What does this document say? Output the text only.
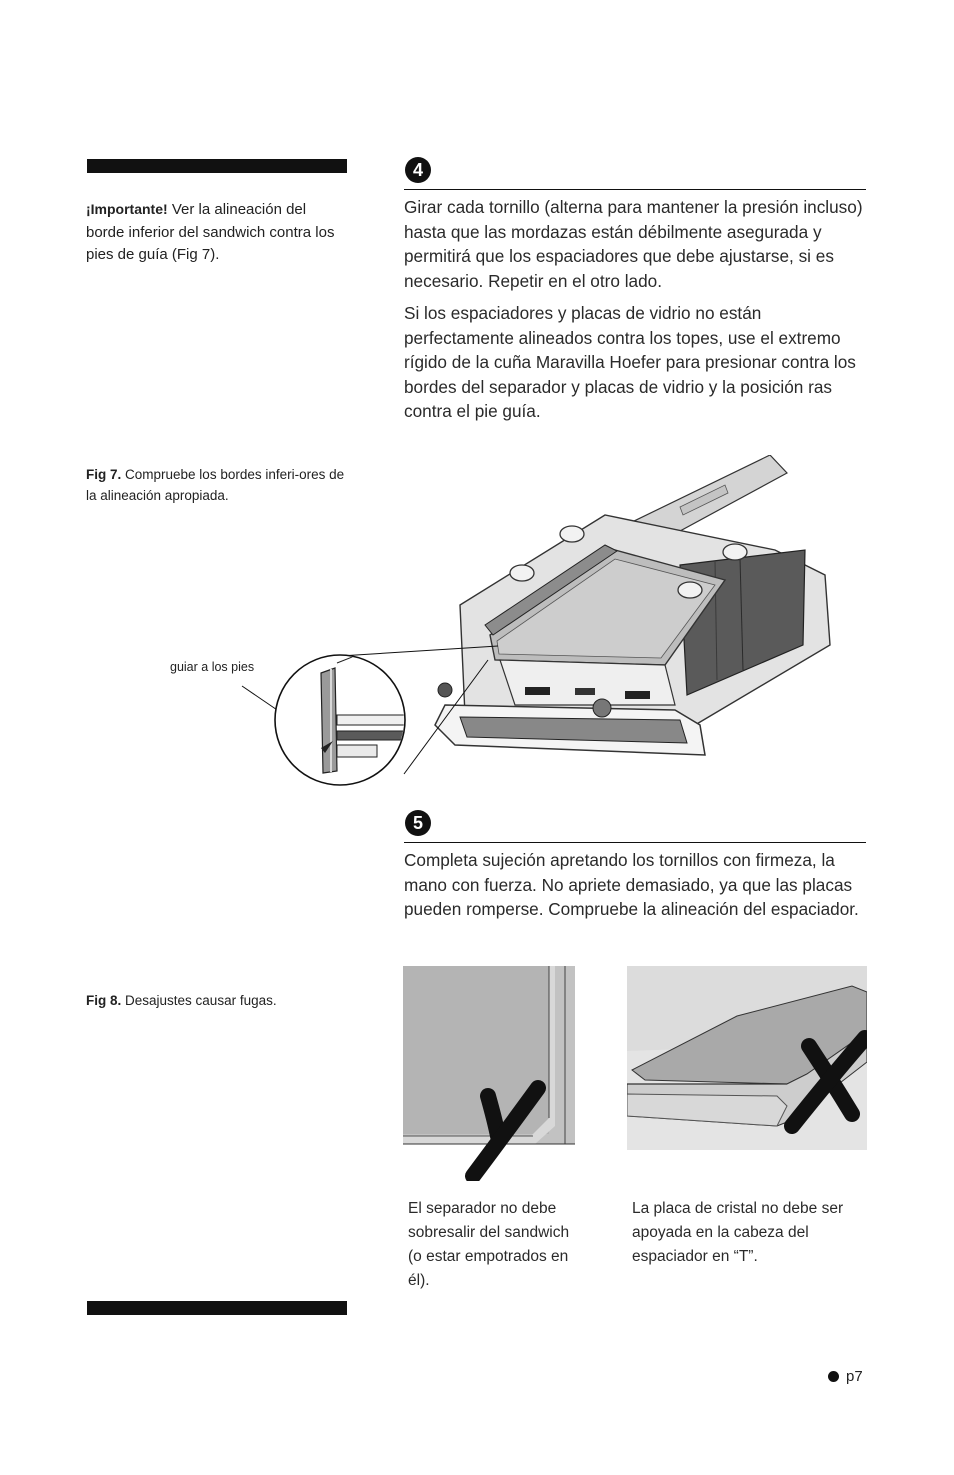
¡Importante! Ver la alineación del borde inferior del sandwich contra los pies de guía (Fig 7).
4
Girar cada tornillo (alterna para mantener la presión incluso) hasta que las mordazas están débilmente asegurada y permitirá que los espaciadores que debe ajustarse, si es necesario. Repetir en el otro lado.
Si los espaciadores y placas de vidrio no están perfectamente alineados contra los topes, use el extremo rígido de la cuña Maravilla Hoefer para presionar contra los bordes del separador y placas de vidrio y la posición ras contra el pie guía.
Fig 7. Compruebe los bordes inferi-ores de la alineación apropiada.
guiar a los pies
5
Completa sujeción apretando los tornillos con firmeza, la mano con fuerza. No apriete demasiado, ya que las placas pueden romperse. Compruebe la alineación del espaciador.
Fig 8. Desajustes causar fugas.
El separador no debe sobresalir del sandwich (o estar empotrados en él).
La placa de cristal no debe ser apoyada en la cabeza del espaciador en “T”.
p7
